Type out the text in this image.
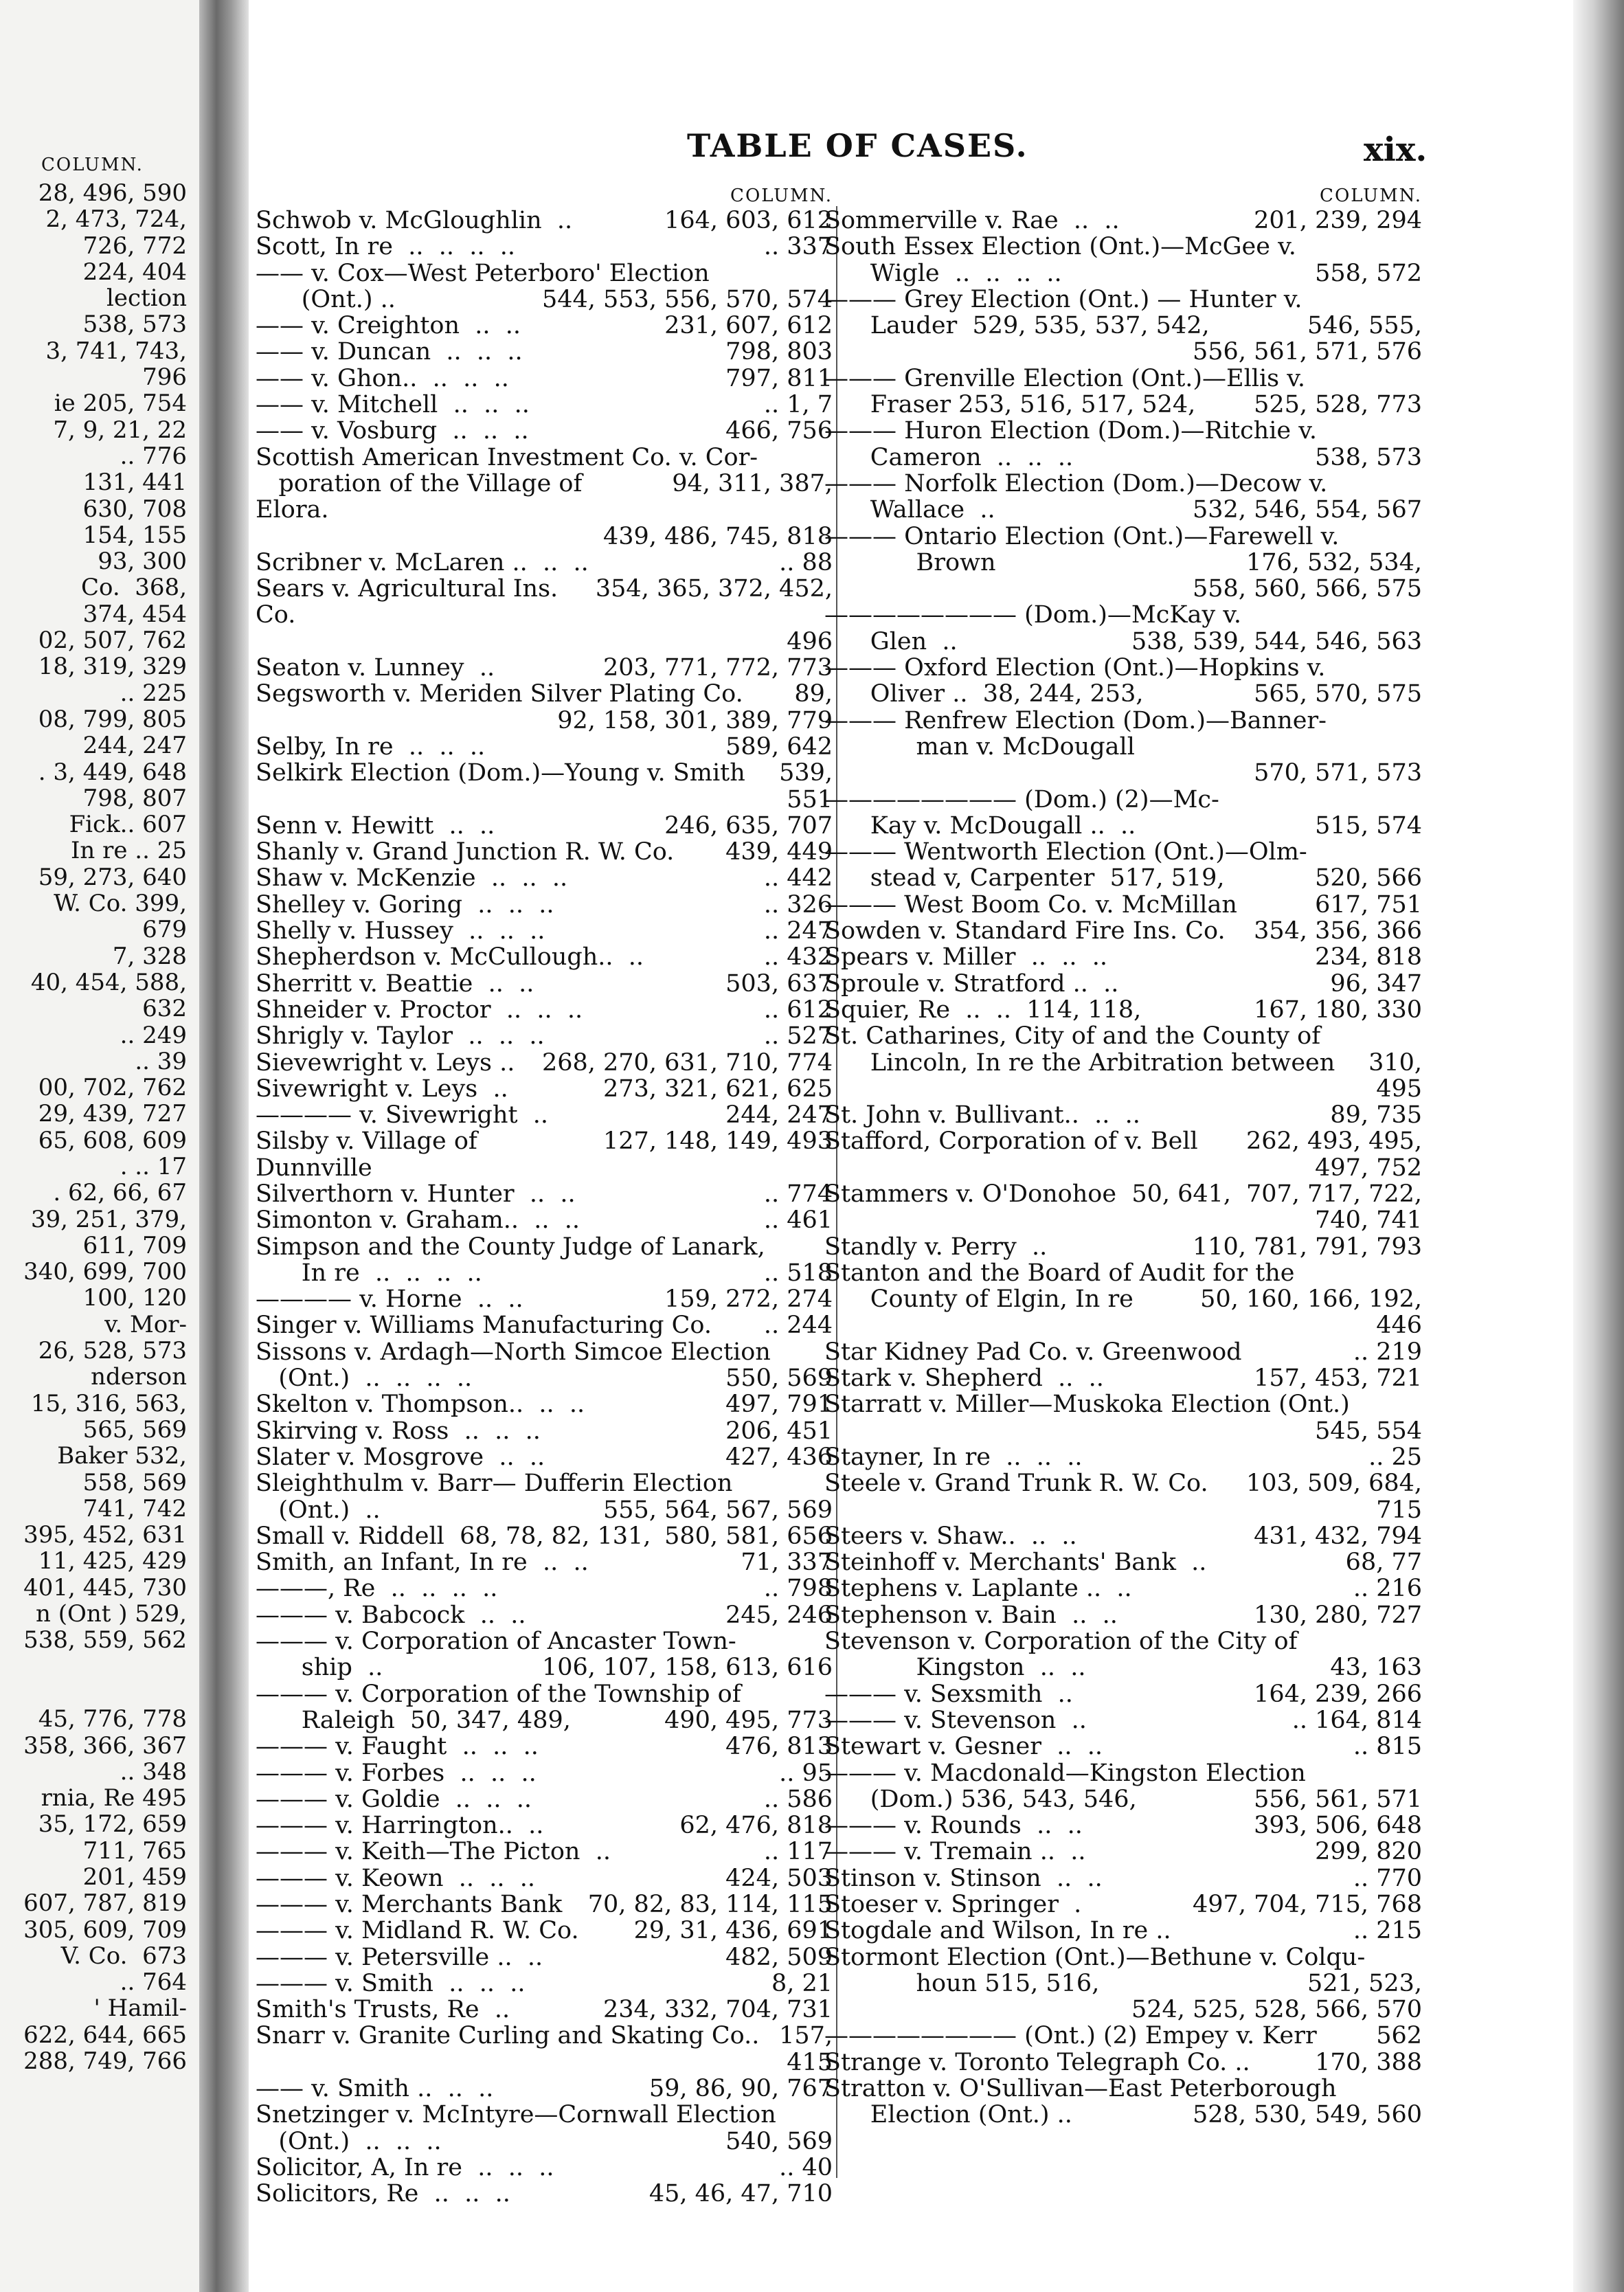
COLUMN.
28, 496, 590
2, 473, 724,
726, 772
224, 404
lection
538, 573
3, 741, 743,
796
ie 205, 754
7, 9, 21, 22
.. 776
131, 441
630, 708
154, 155
93, 300
Co.  368,
374, 454
02, 507, 762
18, 319, 329
.. 225
08, 799, 805
244, 247
. 3, 449, 648
798, 807
Fick.. 607
In re .. 25
59, 273, 640
W. Co. 399,
679
7, 328
40, 454, 588,
632
.. 249
.. 39
00, 702, 762
29, 439, 727
65, 608, 609
. .. 17
. 62, 66, 67
39, 251, 379,
611, 709
340, 699, 700
100, 120
v. Mor-
26, 528, 573
nderson
15, 316, 563,
565, 569
Baker 532,
558, 569
741, 742
395, 452, 631
11, 425, 429
401, 445, 730
n (Ont ) 529,
538, 559, 562
45, 776, 778
358, 366, 367
.. 348
rnia, Re 495
35, 172, 659
711, 765
201, 459
607, 787, 819
305, 609, 709
V. Co.  673
.. 764
' Hamil-
622, 644, 665
288, 749, 766
TABLE OF CASES.	xix.
COLUMN.
164, 603, 612
Schwob v. McGloughlin  ..
.. 337
Scott, In re  ..  ..  ..  ..
—— v. Cox—West Peterboro' Election
544, 553, 556, 570, 574
(Ont.) ..
231, 607, 612
—— v. Creighton  ..  ..
798, 803
—— v. Duncan  ..  ..  ..
797, 811
—— v. Ghon..  ..  ..  ..
.. 1, 7
—— v. Mitchell  ..  ..  ..
466, 756
—— v. Vosburg  ..  ..  ..
Scottish American Investment Co. v. Cor-
94, 311, 387,
poration of the Village of Elora.
439, 486, 745, 818
.. 88
Scribner v. McLaren ..  ..  ..
354, 365, 372, 452,
Sears v. Agricultural Ins. Co.
496
203, 771, 772, 773
Seaton v. Lunney  ..
89,
Segsworth v. Meriden Silver Plating Co.
92, 158, 301, 389, 779
589, 642
Selby, In re  ..  ..  ..
539,
Selkirk Election (Dom.)—Young v. Smith
551
246, 635, 707
Senn v. Hewitt  ..  ..
439, 449
Shanly v. Grand Junction R. W. Co.
.. 442
Shaw v. McKenzie  ..  ..  ..
.. 326
Shelley v. Goring  ..  ..  ..
.. 247
Shelly v. Hussey  ..  ..  ..
.. 432
Shepherdson v. McCullough..  ..
503, 637
Sherritt v. Beattie  ..  ..
.. 612
Shneider v. Proctor  ..  ..  ..
.. 527
Shrigly v. Taylor  ..  ..  ..
268, 270, 631, 710, 774
Sievewright v. Leys ..
273, 321, 621, 625
Sivewright v. Leys  ..
244, 247
———— v. Sivewright  ..
127, 148, 149, 493
Silsby v. Village of Dunnville
.. 774
Silverthorn v. Hunter  ..  ..
.. 461
Simonton v. Graham..  ..  ..
Simpson and the County Judge of Lanark,
.. 518
In re  ..  ..  ..  ..
159, 272, 274
———— v. Horne  ..  ..
.. 244
Singer v. Williams Manufacturing Co.
Sissons v. Ardagh—North Simcoe Election
550, 569
(Ont.)  ..  ..  ..  ..
497, 791
Skelton v. Thompson..  ..  ..
206, 451
Skirving v. Ross  ..  ..  ..
427, 436
Slater v. Mosgrove  ..  ..
Sleighthulm v. Barr— Dufferin Election
555, 564, 567, 569
(Ont.)  ..
580, 581, 656
Small v. Riddell  68, 78, 82, 131,
71, 337
Smith, an Infant, In re  ..  ..
.. 798
———, Re  ..  ..  ..  ..
245, 246
——— v. Babcock  ..  ..
——— v. Corporation of Ancaster Town-
106, 107, 158, 613, 616
ship  ..
——— v. Corporation of the Township of
490, 495, 773
Raleigh  50, 347, 489,
476, 813
——— v. Faught  ..  ..  ..
.. 95
——— v. Forbes  ..  ..  ..
.. 586
——— v. Goldie  ..  ..  ..
62, 476, 818
——— v. Harrington..  ..
.. 117
——— v. Keith—The Picton  ..
424, 503
——— v. Keown  ..  ..  ..
70, 82, 83, 114, 115
——— v. Merchants Bank
29, 31, 436, 691
——— v. Midland R. W. Co.
482, 509
——— v. Petersville ..  ..
8, 21
——— v. Smith  ..  ..  ..
234, 332, 704, 731
Smith's Trusts, Re  ..
157,
Snarr v. Granite Curling and Skating Co..
415
59, 86, 90, 767
—— v. Smith ..  ..  ..
Snetzinger v. McIntyre—Cornwall Election
540, 569
(Ont.)  ..  ..  ..
.. 40
Solicitor, A, In re  ..  ..  ..
45, 46, 47, 710
Solicitors, Re  ..  ..  ..
COLUMN.
201, 239, 294
Sommerville v. Rae  ..  ..
South Essex Election (Ont.)—McGee v.
558, 572
Wigle  ..  ..  ..  ..
——— Grey Election (Ont.) — Hunter v.
546, 555,
Lauder  529, 535, 537, 542,
556, 561, 571, 576
——— Grenville Election (Ont.)—Ellis v.
525, 528, 773
Fraser 253, 516, 517, 524,
——— Huron Election (Dom.)—Ritchie v.
538, 573
Cameron  ..  ..  ..
——— Norfolk Election (Dom.)—Decow v.
532, 546, 554, 567
Wallace  ..
——— Ontario Election (Ont.)—Farewell v.
176, 532, 534,
Brown
558, 560, 566, 575
———————— (Dom.)—McKay v.
538, 539, 544, 546, 563
Glen  ..
——— Oxford Election (Ont.)—Hopkins v.
565, 570, 575
Oliver ..  38, 244, 253,
——— Renfrew Election (Dom.)—Banner-
man v. McDougall
570, 571, 573
———————— (Dom.) (2)—Mc-
515, 574
Kay v. McDougall ..  ..
——— Wentworth Election (Ont.)—Olm-
520, 566
stead v, Carpenter  517, 519,
617, 751
——— West Boom Co. v. McMillan
354, 356, 366
Sowden v. Standard Fire Ins. Co.
234, 818
Spears v. Miller  ..  ..  ..
96, 347
Sproule v. Stratford ..  ..
167, 180, 330
Squier, Re  ..  ..  114, 118,
St. Catharines, City of and the County of
310,
Lincoln, In re the Arbitration between
495
89, 735
St. John v. Bullivant..  ..  ..
262, 493, 495,
Stafford, Corporation of v. Bell
497, 752
707, 717, 722,
Stammers v. O'Donohoe  50, 641,
740, 741
110, 781, 791, 793
Standly v. Perry  ..
Stanton and the Board of Audit for the
50, 160, 166, 192,
County of Elgin, In re
446
.. 219
Star Kidney Pad Co. v. Greenwood
157, 453, 721
Stark v. Shepherd  ..  ..
Starratt v. Miller—Muskoka Election (Ont.)
545, 554
.. 25
Stayner, In re  ..  ..  ..
103, 509, 684,
Steele v. Grand Trunk R. W. Co.
715
431, 432, 794
Steers v. Shaw..  ..  ..
68, 77
Steinhoff v. Merchants' Bank  ..
.. 216
Stephens v. Laplante ..  ..
130, 280, 727
Stephenson v. Bain  ..  ..
Stevenson v. Corporation of the City of
43, 163
Kingston  ..  ..
164, 239, 266
——— v. Sexsmith  ..
.. 164, 814
——— v. Stevenson  ..
.. 815
Stewart v. Gesner  ..  ..
——— v. Macdonald—Kingston Election
556, 561, 571
(Dom.) 536, 543, 546,
393, 506, 648
——— v. Rounds  ..  ..
299, 820
——— v. Tremain ..  ..
.. 770
Stinson v. Stinson  ..  ..
497, 704, 715, 768
Stoeser v. Springer  .
.. 215
Stogdale and Wilson, In re ..
Stormont Election (Ont.)—Bethune v. Colqu-
521, 523,
houn 515, 516,
524, 525, 528, 566, 570
562
———————— (Ont.) (2) Empey v. Kerr
170, 388
Strange v. Toronto Telegraph Co. ..
Stratton v. O'Sullivan—East Peterborough
528, 530, 549, 560
Election (Ont.) ..
